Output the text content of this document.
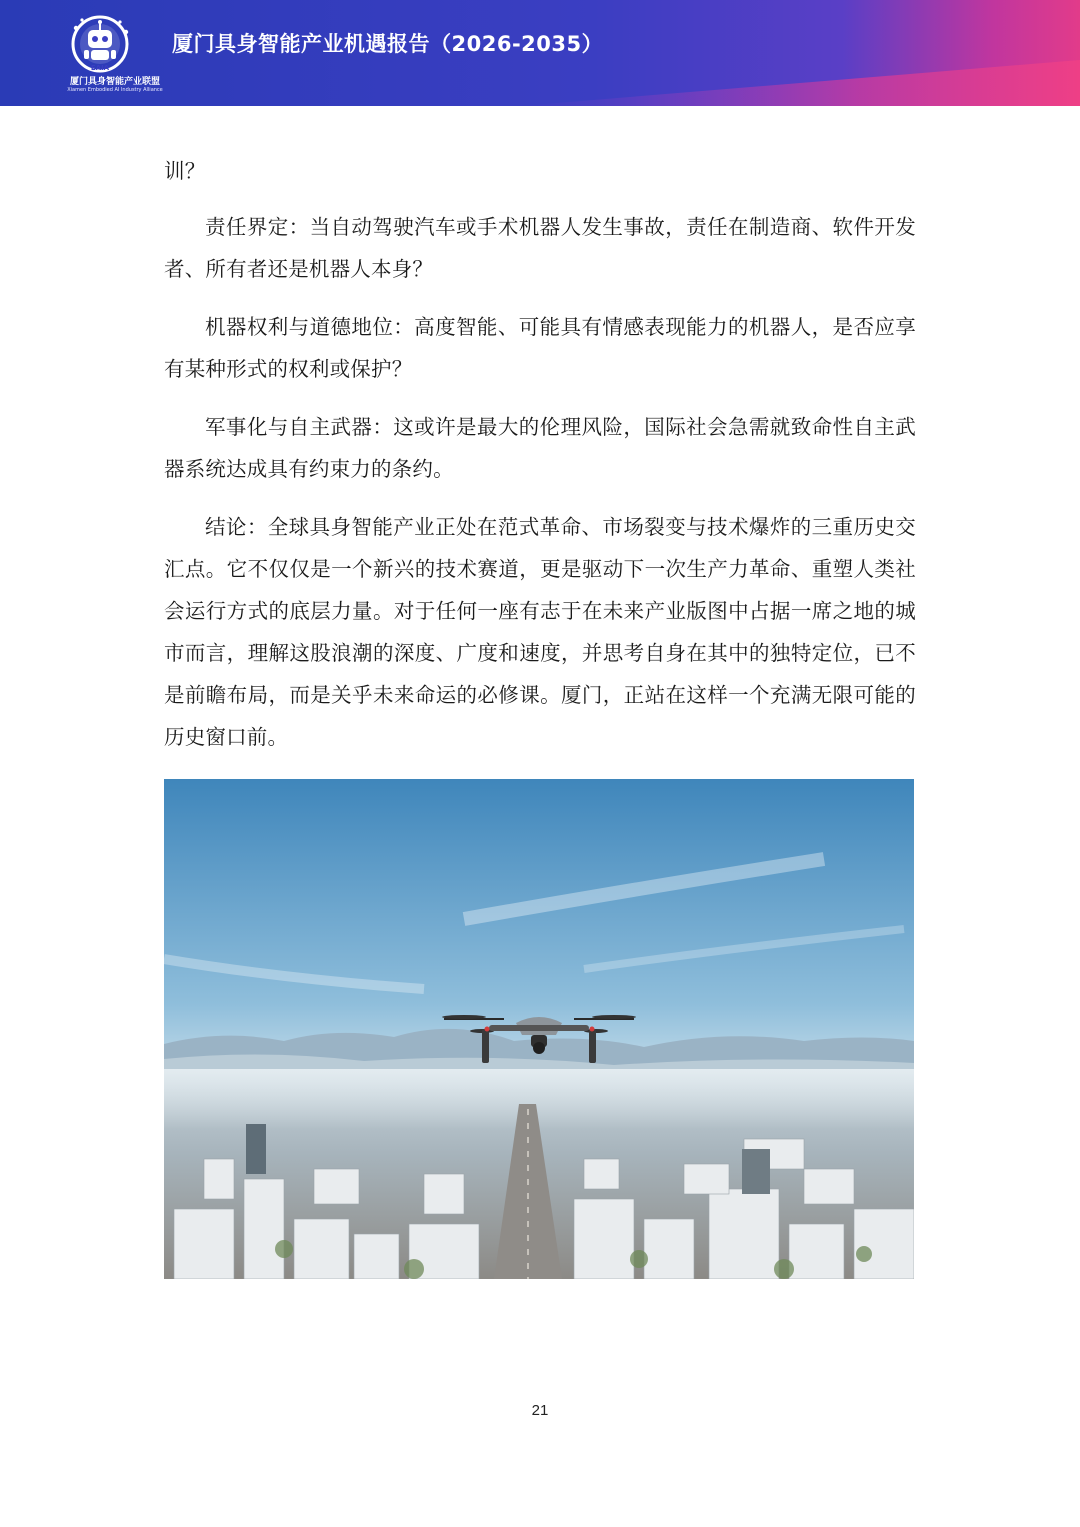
EAIA
厦门具身智能产业联盟
Xiamen Embodied AI Industry Alliance
厦门具身智能产业机遇报告（2026-2035）

训？

责任界定：当自动驾驶汽车或手术机器人发生事故，责任在制造商、软件开发者、所有者还是机器人本身？

机器权利与道德地位：高度智能、可能具有情感表现能力的机器人，是否应享有某种形式的权利或保护？

军事化与自主武器：这或许是最大的伦理风险，国际社会急需就致命性自主武器系统达成具有约束力的条约。

结论：全球具身智能产业正处在范式革命、市场裂变与技术爆炸的三重历史交汇点。它不仅仅是一个新兴的技术赛道，更是驱动下一次生产力革命、重塑人类社会运行方式的底层力量。对于任何一座有志于在未来产业版图中占据一席之地的城市而言，理解这股浪潮的深度、广度和速度，并思考自身在其中的独特定位，已不是前瞻布局，而是关乎未来命运的必修课。厦门，正站在这样一个充满无限可能的历史窗口前。

21
